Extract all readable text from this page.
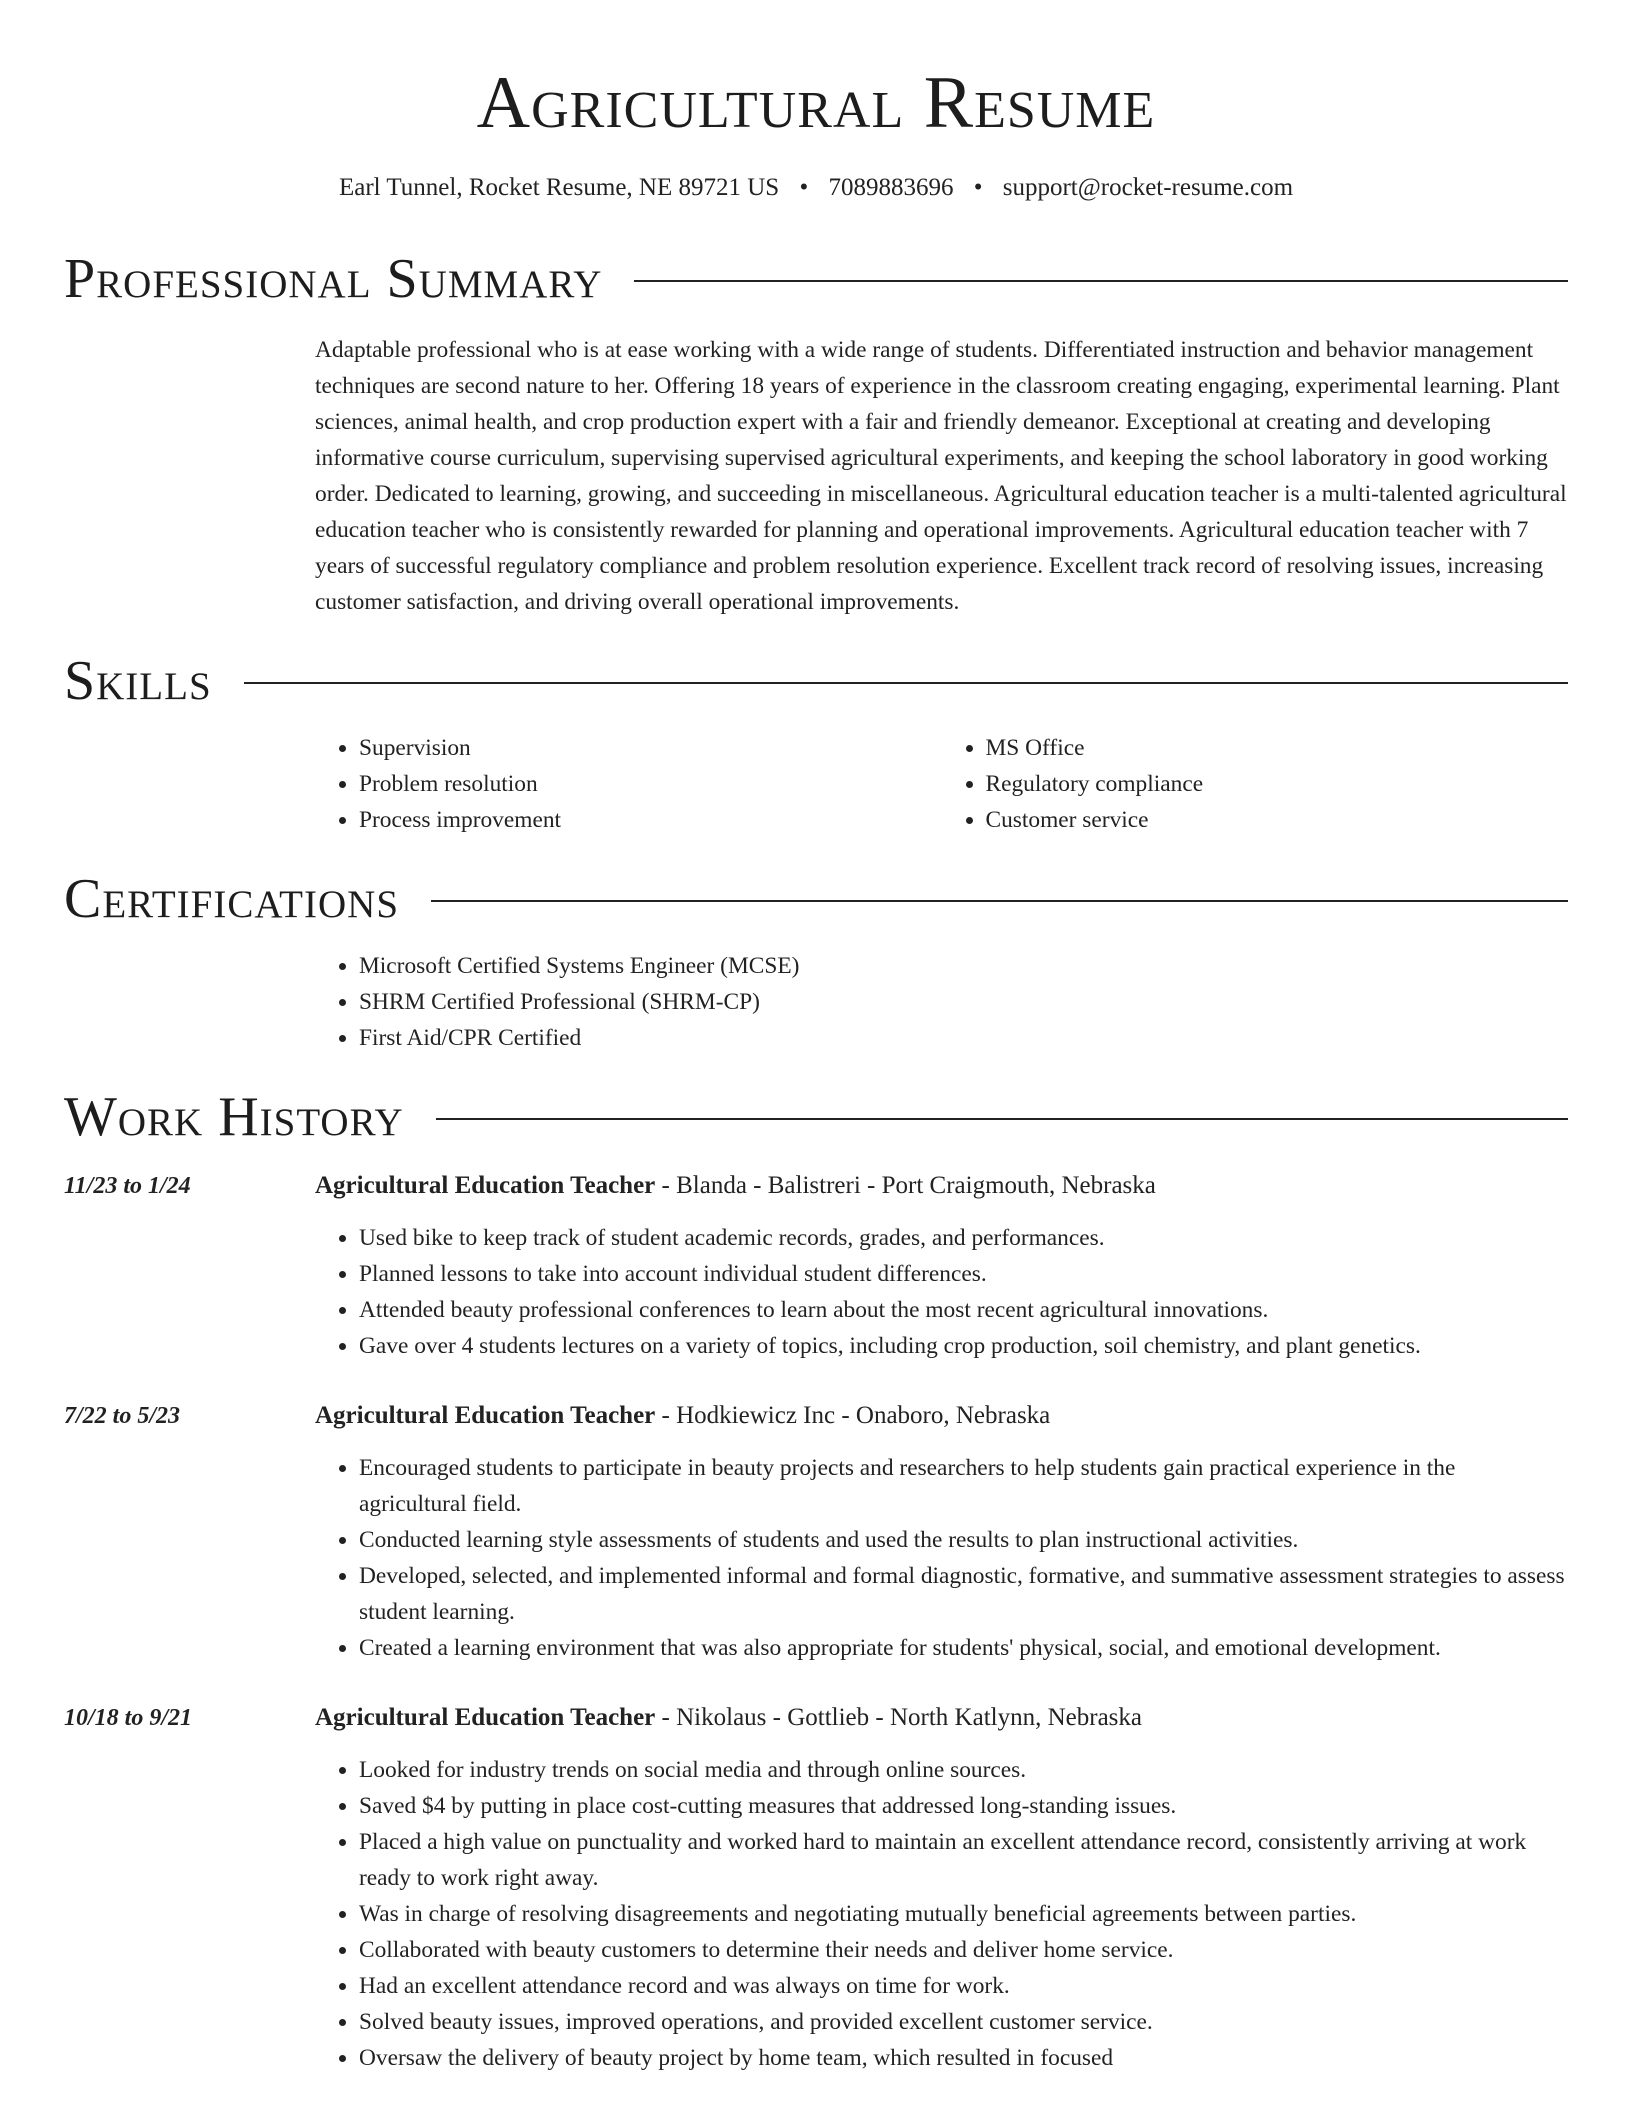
Agricultural Resume
Earl Tunnel, Rocket Resume, NE 89721 US • 7089883696 • support@rocket-resume.com
Professional Summary
Adaptable professional who is at ease working with a wide range of students. Differentiated instruction and behavior management techniques are second nature to her. Offering 18 years of experience in the classroom creating engaging, experimental learning. Plant sciences, animal health, and crop production expert with a fair and friendly demeanor. Exceptional at creating and developing informative course curriculum, supervising supervised agricultural experiments, and keeping the school laboratory in good working order. Dedicated to learning, growing, and succeeding in miscellaneous. Agricultural education teacher is a multi-talented agricultural education teacher who is consistently rewarded for planning and operational improvements. Agricultural education teacher with 7 years of successful regulatory compliance and problem resolution experience. Excellent track record of resolving issues, increasing customer satisfaction, and driving overall operational improvements.
Skills
• Supervision
• Problem resolution
• Process improvement
• MS Office
• Regulatory compliance
• Customer service
Certifications
• Microsoft Certified Systems Engineer (MCSE)
• SHRM Certified Professional (SHRM-CP)
• First Aid/CPR Certified
Work History
11/23 to 1/24	Agricultural Education Teacher - Blanda - Balistreri - Port Craigmouth, Nebraska
• Used bike to keep track of student academic records, grades, and performances.
• Planned lessons to take into account individual student differences.
• Attended beauty professional conferences to learn about the most recent agricultural innovations.
• Gave over 4 students lectures on a variety of topics, including crop production, soil chemistry, and plant genetics.
7/22 to 5/23	Agricultural Education Teacher - Hodkiewicz Inc - Onaboro, Nebraska
• Encouraged students to participate in beauty projects and researchers to help students gain practical experience in the agricultural field.
• Conducted learning style assessments of students and used the results to plan instructional activities.
• Developed, selected, and implemented informal and formal diagnostic, formative, and summative assessment strategies to assess student learning.
• Created a learning environment that was also appropriate for students' physical, social, and emotional development.
10/18 to 9/21	Agricultural Education Teacher - Nikolaus - Gottlieb - North Katlynn, Nebraska
• Looked for industry trends on social media and through online sources.
• Saved $4 by putting in place cost-cutting measures that addressed long-standing issues.
• Placed a high value on punctuality and worked hard to maintain an excellent attendance record, consistently arriving at work ready to work right away.
• Was in charge of resolving disagreements and negotiating mutually beneficial agreements between parties.
• Collaborated with beauty customers to determine their needs and deliver home service.
• Had an excellent attendance record and was always on time for work.
• Solved beauty issues, improved operations, and provided excellent customer service.
• Oversaw the delivery of beauty project by home team, which resulted in focused
